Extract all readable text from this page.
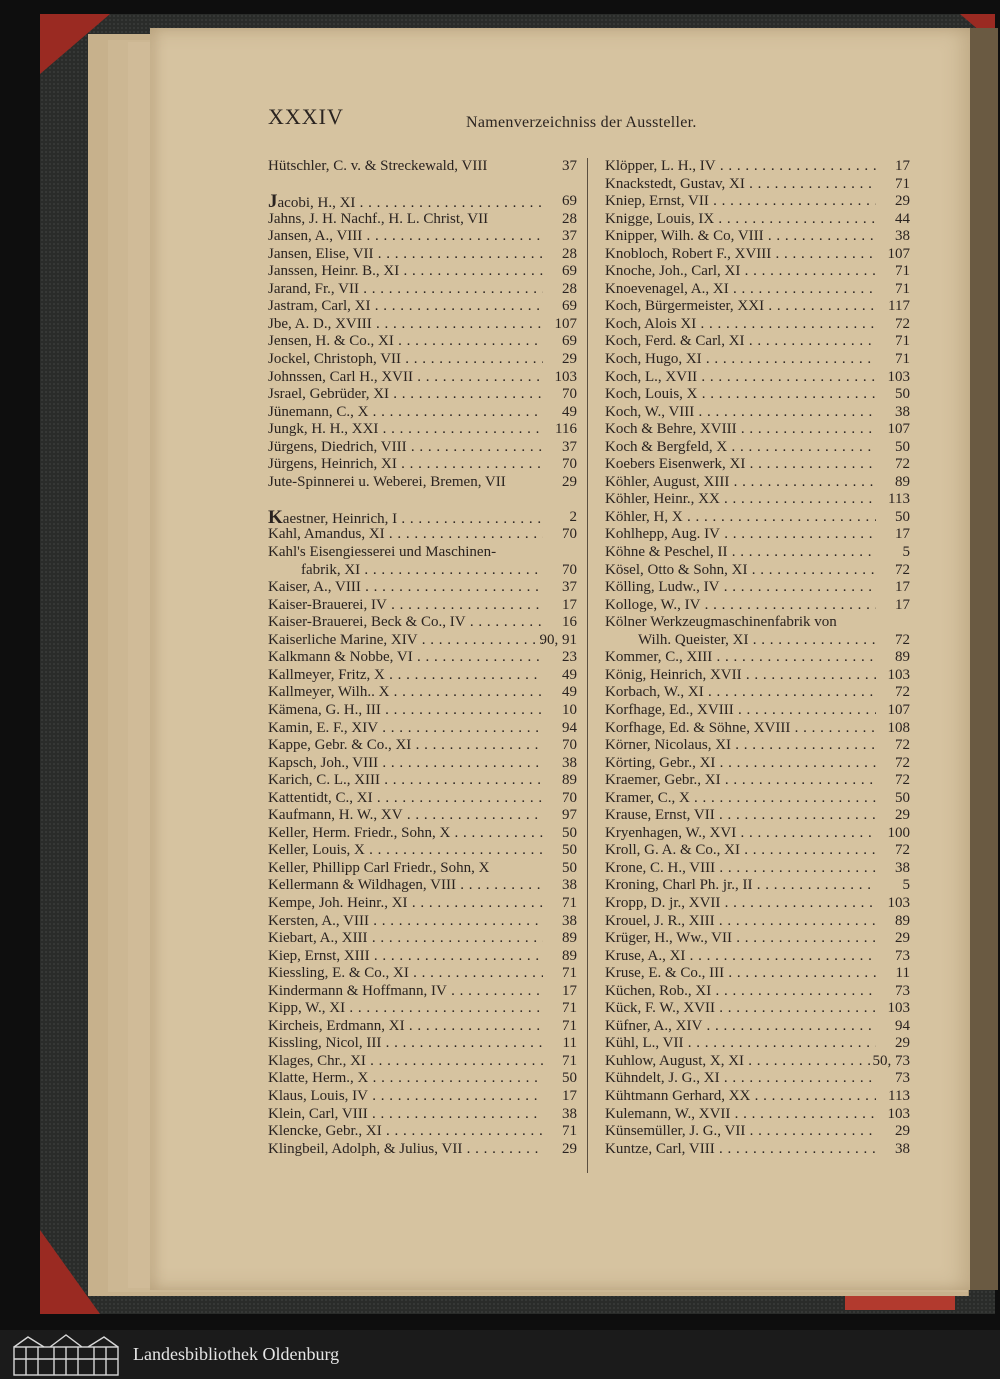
XXXIV	Namenverzeichniss der Aussteller.
Hütschler, C. v. & Streckewald, VIII	37
Jacobi, H., XI . . .	69
Jahns, J. H. Nachf., H. L. Christ, VII	28
Jansen, A., VIII . . .	37
Jansen, Elise, VII . . .	28
Janssen, Heinr. B., XI . . .	69
Jarand, Fr., VII . . .	28
Jastram, Carl, XI . . .	69
Jbe, A. D., XVIII . . .	107
Jensen, H. & Co., XI . . .	69
Jockel, Christoph, VII . . .	29
Johnssen, Carl H., XVII . . .	103
Jsrael, Gebrüder, XI . . .	70
Jünemann, C., X . . .	49
Jungk, H. H., XXI . . .	116
Jürgens, Diedrich, VIII . . .	37
Jürgens, Heinrich, XI . . .	70
Jute-Spinnerei u. Weberei, Bremen, VII	29
Kaestner, Heinrich, I . . .	2
Kahl, Amandus, XI . . .	70
Kahl's Eisengiesserei und Maschinen-
fabrik, XI . . .	70
Kaiser, A., VIII . . .	37
Kaiser-Brauerei, IV . . .	17
Kaiser-Brauerei, Beck & Co., IV . . .	16
Kaiserliche Marine, XIV . . .	90, 91
Kalkmann & Nobbe, VI . . .	23
Kallmeyer, Fritz, X . . .	49
Kallmeyer, Wilh.. X . . .	49
Kämena, G. H., III . . .	10
Kamin, E. F., XIV . . .	94
Kappe, Gebr. & Co., XI . . .	70
Kapsch, Joh., VIII . . .	38
Karich, C. L., XIII . . .	89
Kattentidt, C., XI . . .	70
Kaufmann, H. W., XV . . .	97
Keller, Herm. Friedr., Sohn, X . . .	50
Keller, Louis, X . . .	50
Keller, Phillipp Carl Friedr., Sohn, X	50
Kellermann & Wildhagen, VIII . . .	38
Kempe, Joh. Heinr., XI . . .	71
Kersten, A., VIII . . .	38
Kiebart, A., XIII . . .	89
Kiep, Ernst, XIII . . .	89
Kiessling, E. & Co., XI . . .	71
Kindermann & Hoffmann, IV . . .	17
Kipp, W., XI . . .	71
Kircheis, Erdmann, XI . . .	71
Kissling, Nicol, III . . .	11
Klages, Chr., XI . . .	71
Klatte, Herm., X . . .	50
Klaus, Louis, IV . . .	17
Klein, Carl, VIII . . .	38
Klencke, Gebr., XI . . .	71
Klingbeil, Adolph, & Julius, VII . . .	29
Klöpper, L. H., IV . . .	17
Knackstedt, Gustav, XI . . .	71
Kniep, Ernst, VII . . .	29
Knigge, Louis, IX . . .	44
Knipper, Wilh. & Co, VIII . . .	38
Knobloch, Robert F., XVIII . . .	107
Knoche, Joh., Carl, XI . . .	71
Knoevenagel, A., XI . . .	71
Koch, Bürgermeister, XXI . . .	117
Koch, Alois XI . . .	72
Koch, Ferd. & Carl, XI . . .	71
Koch, Hugo, XI . . .	71
Koch, L., XVII . . .	103
Koch, Louis, X . . .	50
Koch, W., VIII . . .	38
Koch & Behre, XVIII . . .	107
Koch & Bergfeld, X . . .	50
Koebers Eisenwerk, XI . . .	72
Köhler, August, XIII . . .	89
Köhler, Heinr., XX . . .	113
Köhler, H, X . . .	50
Kohlhepp, Aug. IV . . .	17
Köhne & Peschel, II . . .	5
Kösel, Otto & Sohn, XI . . .	72
Kölling, Ludw., IV . . .	17
Kolloge, W., IV . . .	17
Kölner Werkzeugmaschinenfabrik von
Wilh. Queister, XI . . .	72
Kommer, C., XIII . . .	89
König, Heinrich, XVII . . .	103
Korbach, W., XI . . .	72
Korfhage, Ed., XVIII . . .	107
Korfhage, Ed. & Söhne, XVIII . . .	108
Körner, Nicolaus, XI . . .	72
Körting, Gebr., XI . . .	72
Kraemer, Gebr., XI . . .	72
Kramer, C., X . . .	50
Krause, Ernst, VII . . .	29
Kryenhagen, W., XVI . . .	100
Kroll, G. A. & Co., XI . . .	72
Krone, C. H., VIII . . .	38
Kroning, Charl Ph. jr., II . . .	5
Kropp, D. jr., XVII . . .	103
Krouel, J. R., XIII . . .	89
Krüger, H., Ww., VII . . .	29
Kruse, A., XI . . .	73
Kruse, E. & Co., III . . .	11
Küchen, Rob., XI . . .	73
Kück, F. W., XVII . . .	103
Küfner, A., XIV . . .	94
Kühl, L., VII . . .	29
Kuhlow, August, X, XI . . .	50, 73
Kühndelt, J. G., XI . . .	73
Kühtmann Gerhard, XX . . .	113
Kulemann, W., XVII . . .	103
Künsemüller, J. G., VII . . .	29
Kuntze, Carl, VIII . . .	38
Landesbibliothek Oldenburg
